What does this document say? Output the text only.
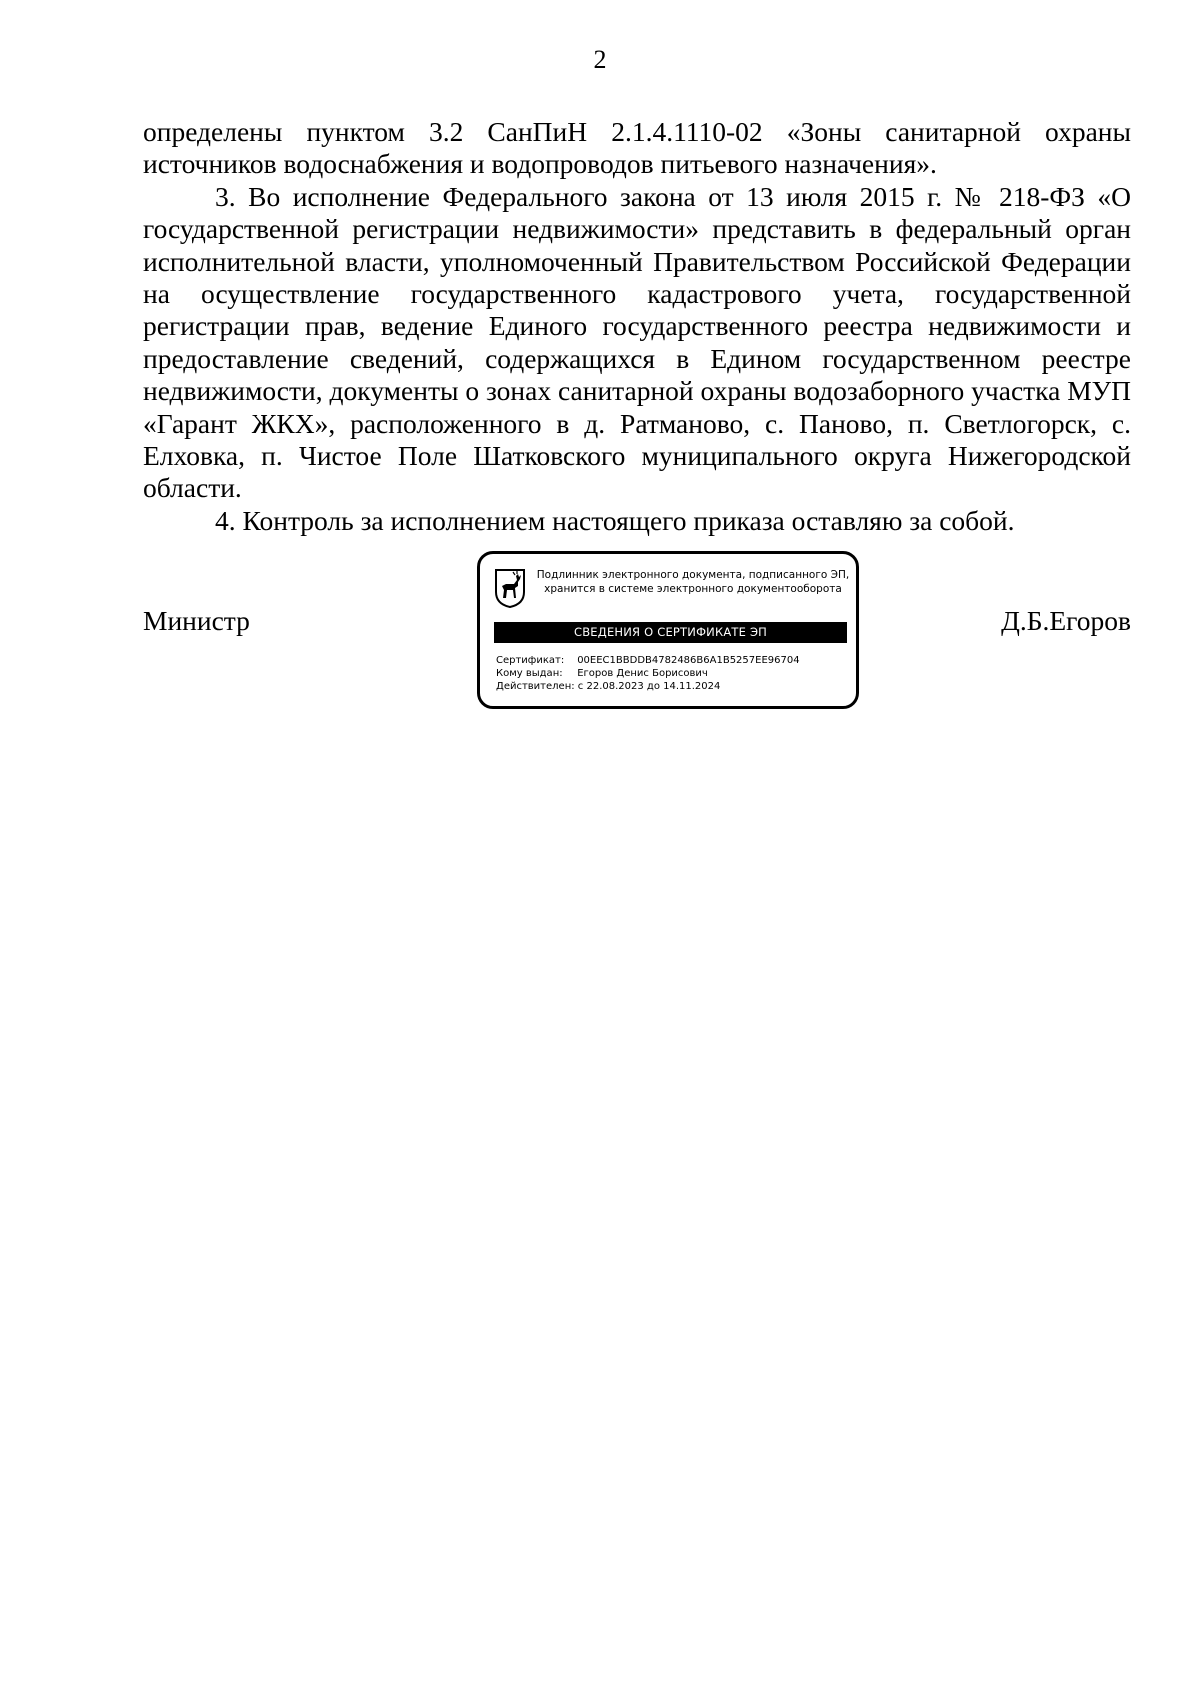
2

определены пунктом 3.2 СанПиН 2.1.4.1110-02 «Зоны санитарной охраны источников водоснабжения и водопроводов питьевого назначения».

3. Во исполнение Федерального закона от 13 июля 2015 г. № 218-ФЗ «О государственной регистрации недвижимости» представить в федеральный орган исполнительной власти, уполномоченный Правительством Российской Федерации на осуществление государственного кадастрового учета, государственной регистрации прав, ведение Единого государственного реестра недвижимости и предоставление сведений, содержащихся в Едином государственном реестре недвижимости, документы о зонах санитарной охраны водозаборного участка МУП «Гарант ЖКХ», расположенного в д. Ратманово, с. Паново, п. Светлогорск, с. Елховка, п. Чистое Поле Шатковского муниципального округа Нижегородской области.

4. Контроль за исполнением настоящего приказа оставляю за собой.

Министр	Д.Б.Егоров
Подлинник электронного документа, подписанного ЭП,
хранится в системе электронного документооборота
СВЕДЕНИЯ О СЕРТИФИКАТЕ ЭП
Сертификат: 00EEC1BBDDB4782486B6A1B5257EE96704
Кому выдан: Егоров Денис Борисович
Действителен: с 22.08.2023 до 14.11.2024
